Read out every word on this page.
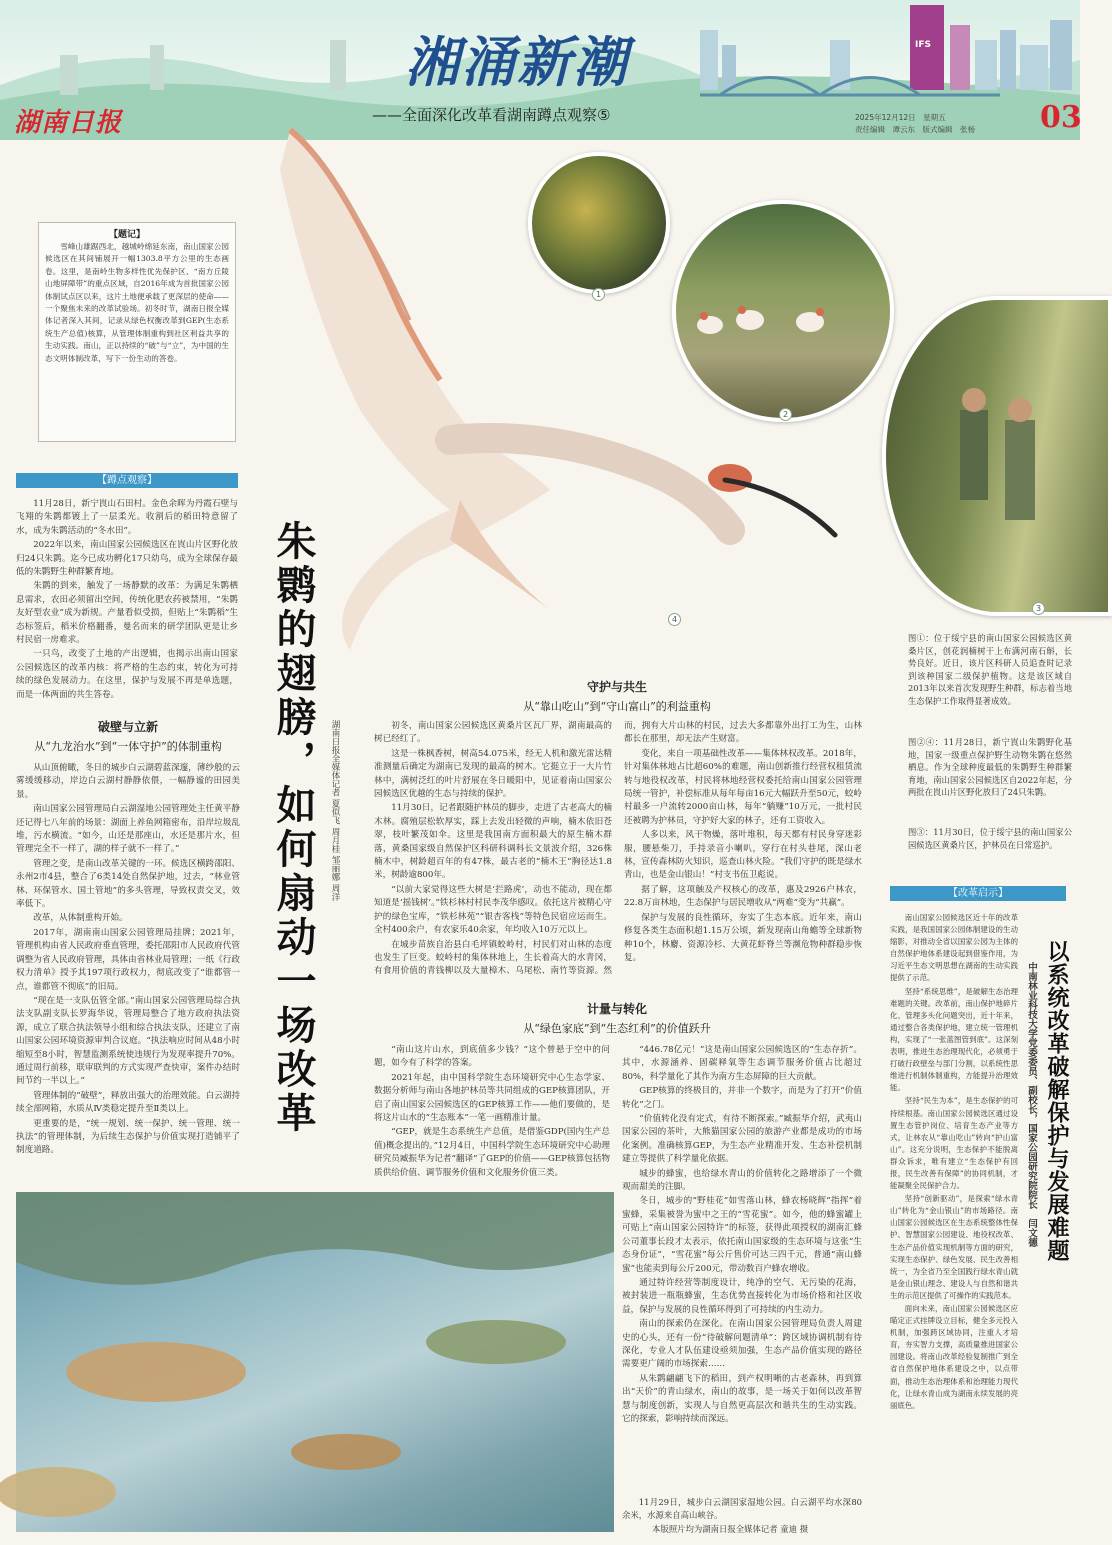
IFS
湖南日报
湘涌新潮
——全面深化改革看湖南蹲点观察⑤	2025年12月12日　星期五
责任编辑　谭云东　版式编辑　张杨 03
1
2
3
4
【题记】

雪峰山雄踞西北，越城岭绵延东南，南山国家公园候选区在其间铺展开一幅1303.8平方公里的生态画卷。这里，是南岭生物多样性优先保护区、“南方丘陵山地屏障带”的重点区域，自2016年成为首批国家公园体制试点区以来，这片土地便承载了更深层的使命——一个聚焦未来的改革试验场。初冬时节，湖南日报全媒体记者深入其间，记录从绿色权衡改革到GEP(生态系统生产总值)核算，从管理体制重构到社区利益共享的生动实践。南山，正以持续的“破”与“立”，为中国的生态文明体制改革，写下一份生动的答卷。

【蹲点观察】

11月28日，新宁崀山石田村。金色余晖为丹霞石壁与飞翔的朱鹮都镀上了一层柔光。收割后的稻田特意留了水，成为朱鹮活动的“冬水田”。

2022年以来，南山国家公园候选区在崀山片区野化放归24只朱鹮。迄今已成功孵化17只幼鸟，成为全球保存最低的朱鹮野生种群繁育地。

朱鹮的到来，触发了一场静默的改革：为满足朱鹮栖息需求，农田必须留出空间，传统化肥农药被禁用，“朱鹮友好型农业”成为新规。产量看似受损，但贴上“朱鹮稻”生态标签后，稻米价格翻番，曼名而来的研学团队更是让乡村民宿一房难求。

一只鸟，改变了土地的产出逻辑，也揭示出南山国家公园候选区的改革内核：将严格的生态约束，转化为可持续的绿色发展动力。在这里，保护与发展不再是单选题，而是一体两面的共生答卷。

破壁与立新
从“九龙治水”到“一体守护”的体制重构

从山顶俯瞰，冬日的城步白云湖碧蓝深邃，薄纱般的云雾缓缓移动，岸边白云湖村静静依偎，一幅静谧的田园美景。

南山国家公园管理局白云湖湿地公园管理处主任黄平静还记得七八年前的场景：湖面上养鱼网箱密布，沿岸垃圾乱堆，污水横流。“如今，山还是那座山，水还是那片水，但管理完全不一样了，湖的样子就不一样了。”

管理之变，是南山改革关键的一环。候选区横跨邵阳、永州2市4县，整合了6类14处自然保护地，过去，“林业管林、环保管水、国土管地”的多头管理，导致权责交叉，效率低下。

改革，从体制重构开始。

2017年，湖南南山国家公园管理局挂牌；2021年，管理机构由省人民政府垂直管理，委托邵阳市人民政府代管调整为省人民政府管理，具体由省林业局管理；一纸《行政权力清单》授予其197项行政权力，彻底改变了“谁都管一点，谁都管不彻底”的旧局。

“现在是一支队伍管全部。”南山国家公园管理局综合执法支队副支队长罗海华说，管理局整合了地方政府执法资源，成立了联合执法领导小组和综合执法支队，还建立了南山国家公园环境资源审判合议庭。“执法响应时间从48小时缩短至8小时，智慧监测系统使违规行为发现率提升70%。通过周行前移，联审联判的方式实现严查快审，案件办结时间节约一半以上。”

管理体制的“破壁”，释放出强大的治理效能。白云湖持续全部网箱，水质从Ⅳ类稳定提升至Ⅱ类以上。

更重要的是，“统一规划、统一保护、统一管理、统一执法”的管理体制，为后续生态保护与价值实现打造铺平了制度道路。

朱鹮的翅膀，如何扇动一场改革	湖南日报全媒体记者 夏似飞 周月桂 邹丽娜 周洋
守护与共生
从“靠山吃山”到“守山富山”的利益重构

初冬，南山国家公园候选区黄桑片区瓦厂界，湖南最高的树已经红了。

这是一株枫香树，树高54.075米，经无人机和激光雷达精准测量后确定为湖南已发现的最高的树木。它挺立于一大片竹林中，满树泛红的叶片舒展在冬日暖阳中，见证着南山国家公园候选区优越的生态与持续的保护。

11月30日，记者跟随护林员的脚步，走进了古老高大的楠木林。腐殖层松软厚实，踩上去发出轻微的声响，楠木依旧苍翠，枝叶繁茂如伞。这里是我国南方面积最大的原生楠木群落，黄桑国家级自然保护区科研科调科长文景波介绍，326株楠木中，树龄超百年的有47株，最古老的“楠木王”胸径达1.8米，树龄逾800年。

“以前大家觉得这些大树是‘拦路虎’，动也不能动，现在都知道是‘摇钱树’。”铁杉林村村民李茂华感叹。依托这片被精心守护的绿色宝库，“铁杉林苑”“银杏客栈”等特色民宿应运而生。全村400余户，有农家乐40余家，年均收入10万元以上。

在城步苗族自治县白毛坪镇蛟岭村，村民们对山林的态度也发生了巨变。蛟岭村的集体林地上，生长着高大的水青冈，有食用价值的青钱柳以及大量樟木、乌尾松、南竹等资源。然而，拥有大片山林的村民，过去大多都靠外出打工为生，山林都长在那里，却无法产生财富。

变化，来自一项基础性改革——集体林权改革。2018年，针对集体林地占比超60%的难题，南山创新推行经营权租赁流转与地役权改革，村民将林地经营权委托给南山国家公园管理局统一管护，补偿标准从每年每亩16元大幅跃升至50元，蛟岭村最多一户流转2000亩山林，每年“躺赚”10万元，一批村民还被聘为护林员，守护好大家的林子，还有工资收入。

人多以来，风干物燥，落叶堆积，每天都有村民身穿迷彩服，腰悬柴刀，手持录音小喇叭，穿行在村头巷尾，深山老林，宣传森林防火知识，巡查山林火险。“我们守护的既是绿水青山，也是金山银山！”村支书伍卫彪说。

据了解，这项触及产权核心的改革，惠及2926户林农，22.8万亩林地，生态保护与居民增收从“两难”变为“共赢”。

保护与发展的良性循环，夯实了生态本底。近年来，南山修复各类生态面积超1.15万公顷，新发现南山角蟾等全球新物种10个，林麝、资源冷杉、大黄花虾脊兰等濒危物种群稳步恢复。

计量与转化
从“绿色家底”到“生态红利”的价值跃升

“南山这片山水，到底值多少钱？”这个曾悬于空中的问题，如今有了科学的答案。

2021年起，由中国科学院生态环境研究中心生态学家、数据分析师与南山各地护林员等共同组成的GEP核算团队，开启了南山国家公园候选区的GEP核算工作——他们要做的，是将这片山水的“生态账本”一笔一画精准计量。

“GEP，就是生态系统生产总值，是借鉴GDP(国内生产总值)概念提出的。”12月4日，中国科学院生态环境研究中心助理研究员臧振华为记者“翻译”了GEP的价值——GEP核算包括物质供给价值、调节服务价值和文化服务价值三类。

“446.78亿元！”这是南山国家公园候选区的“生态存折”。其中，水源涵养、固碳释氧等生态调节服务价值占比超过80%，科学量化了其作为南方生态屏障的巨大贡献。

GEP核算的终极目的，并非一个数字，而是为了打开“价值转化”之门。

“价值转化没有定式，有待不断探索。”臧振华介绍，武夷山国家公园的茶叶，大熊猫国家公园的旅游产业都是成功的市场化案例。准确核算GEP，为生态产业精准开发、生态补偿机制建立等提供了科学量化依据。

城步的蜂蜜，也给绿水青山的价值转化之路增添了一个微观而甜美的注脚。

冬日，城步的“野桂花”如雪落山林，蜂农杨晓辉“指挥”着蜜蜂，采集被誉为蜜中之王的“雪花蜜”。如今，他的蜂蜜罐上可贴上“南山国家公园特许”的标签，获得此项授权的湖南汇蜂公司董事长段才太表示，依托南山国家级的生态环境与这张“生态身份证”，“雪花蜜”每公斤售价可达三四千元，普通“南山蜂蜜”也能卖到每公斤200元，带动数百户蜂农增收。

通过特许经营等制度设计，纯净的空气、无污染的花海，被封装进一瓶瓶蜂蜜，生态优势直接转化为市场价格和社区收益，保护与发展的良性循环得到了可持续的内生动力。

南山的探索仍在深化。在南山国家公园管理局负责人周建史的心头，还有一份“待破解问题清单”：跨区域协调机制有待深化，专业人才队伍建设亟须加强，生态产品价值实现的路径需要更广阔的市场探索……

从朱鹮翩翩飞下的稻田，到产权明晰的古老森林，再到算出“天价”的青山绿水，南山的故事，是一场关于如何以改革智慧与制度创新，实现人与自然更高层次和谐共生的生动实践。它的探索，影响持续而深远。

11月29日，城步白云湖国家湿地公园。白云湖平均水深80余米，水源来自高山峡谷。

本版照片均为湖南日报全媒体记者 童迪 摄

图①：位于绥宁县的南山国家公园候选区黄桑片区，创花润楠树干上布满河南石斛，长势良好。近日，该片区科研人员追查时记录到该种国家二级保护植物。这是该区域自2013年以来首次发现野生种群，标志着当地生态保护工作取得显著成效。

图②④：11月28日，新宁崀山朱鹮野化基地，国家一级重点保护野生动物朱鹮在悠然栖息。作为全球种度最低的朱鹮野生种群繁育地，南山国家公园候选区自2022年起，分两批在崀山片区野化放归了24只朱鹮。

图③：11月30日，位于绥宁县的南山国家公园候选区黄桑片区，护林员在日常巡护。

【改革启示】

南山国家公园候选区近十年的改革实践，是我国国家公园体制建设的生动缩影，对推动全省以国家公园为主体的自然保护地体系建设起到借鉴作用，为习近平生态文明思想在湖南的生动实践提供了示范。

坚持“系统思维”，是破解生态治理难题的关键。改革前，南山保护地碎片化、管理多头化问题突出，近十年来，通过整合各类保护地，建立统一管理机构，实现了“一张蓝图管到底”。这深刻表明，推进生态治理现代化，必须勇于打破行政壁垒与部门分割，以系统性思维进行机制体制重构，方能提升治理效能。

坚持“民生为本”，是生态保护的可持续根基。南山国家公园候选区通过设置生态管护岗位、培育生态产业等方式，让林农从“靠山吃山”转向“护山富山”。这充分说明，生态保护不能脱离群众诉求，唯有建立“生态保护有回报，民生改善有保障”的协同机制，才能凝聚全民保护合力。

坚持“创新驱动”，是探索“绿水青山”转化为“金山银山”的市场路径。南山国家公园候选区在生态系统整体性保护、智慧国家公园建设、地役权改革、生态产品价值实现机制等方面的研究，实现生态保护、绿色发展、民生改善相统一，为全省乃至全国践行绿水青山就是金山银山理念、建设人与自然和谐共生的示范区提供了可操作的实践范本。

面向未来，南山国家公园候选区应瞄定正式挂牌设立目标，健全多元投入机制，加强跨区域协同，注重人才培育，夯实智力支撑，高质量推进国家公园建设。将南山改革经验复制推广到全省自然保护地体系建设之中，以点带面，推动生态治理体系和治理能力现代化，让绿水青山成为湖南永续发展的亮丽底色。

中南林业科技大学党委委员、副校长，国家公园研究院院长　闫文德 以系统改革破解保护与发展难题
